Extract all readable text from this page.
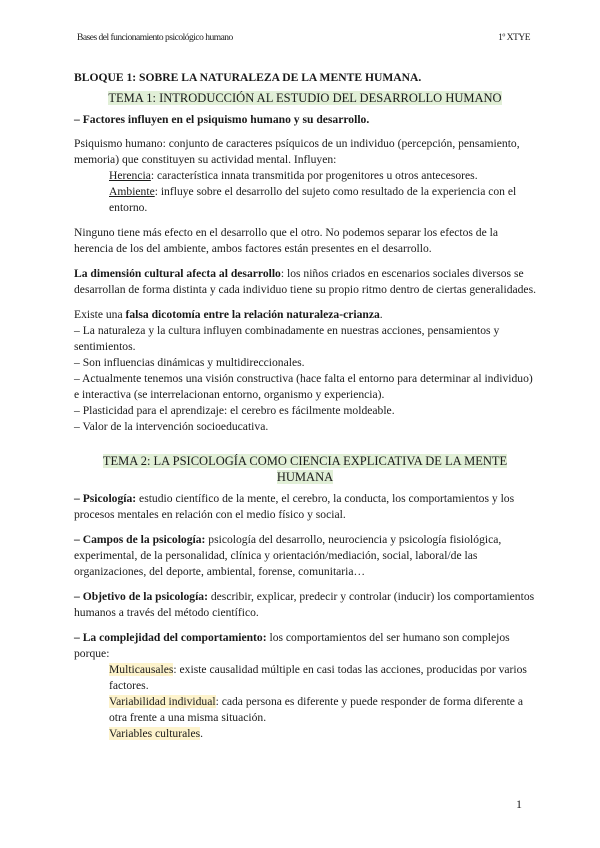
Bases del funcionamiento psicológico humano	1º XTYE

BLOQUE 1: SOBRE LA NATURALEZA DE LA MENTE HUMANA.

TEMA 1: INTRODUCCIÓN AL ESTUDIO DEL DESARROLLO HUMANO

– Factores influyen en el psiquismo humano y su desarrollo.

Psiquismo humano: conjunto de caracteres psíquicos de un individuo (percepción, pensamiento, memoria) que constituyen su actividad mental. Influyen:

Herencia: característica innata transmitida por progenitores u otros antecesores.

Ambiente: influye sobre el desarrollo del sujeto como resultado de la experiencia con el entorno.

Ninguno tiene más efecto en el desarrollo que el otro. No podemos separar los efectos de la herencia de los del ambiente, ambos factores están presentes en el desarrollo.

La dimensión cultural afecta al desarrollo: los niños criados en escenarios sociales diversos se desarrollan de forma distinta y cada individuo tiene su propio ritmo dentro de ciertas generalidades.

Existe una falsa dicotomía entre la relación naturaleza-crianza.

– La naturaleza y la cultura influyen combinadamente en nuestras acciones, pensamientos y sentimientos.

– Son influencias dinámicas y multidireccionales.

– Actualmente tenemos una visión constructiva (hace falta el entorno para determinar al individuo) e interactiva (se interrelacionan entorno, organismo y experiencia).

– Plasticidad para el aprendizaje: el cerebro es fácilmente moldeable.

– Valor de la intervención socioeducativa.

TEMA 2: LA PSICOLOGÍA COMO CIENCIA EXPLICATIVA DE LA MENTE
HUMANA

– Psicología: estudio científico de la mente, el cerebro, la conducta, los comportamientos y los procesos mentales en relación con el medio físico y social.

– Campos de la psicología: psicología del desarrollo, neurociencia y psicología fisiológica, experimental, de la personalidad, clínica y orientación/mediación, social, laboral/de las organizaciones, del deporte, ambiental, forense, comunitaria…

– Objetivo de la psicología: describir, explicar, predecir y controlar (inducir) los comportamientos humanos a través del método científico.

– La complejidad del comportamiento: los comportamientos del ser humano son complejos porque:

Multicausales: existe causalidad múltiple en casi todas las acciones, producidas por varios factores.

Variabilidad individual: cada persona es diferente y puede responder de forma diferente a otra frente a una misma situación.

Variables culturales.

1
